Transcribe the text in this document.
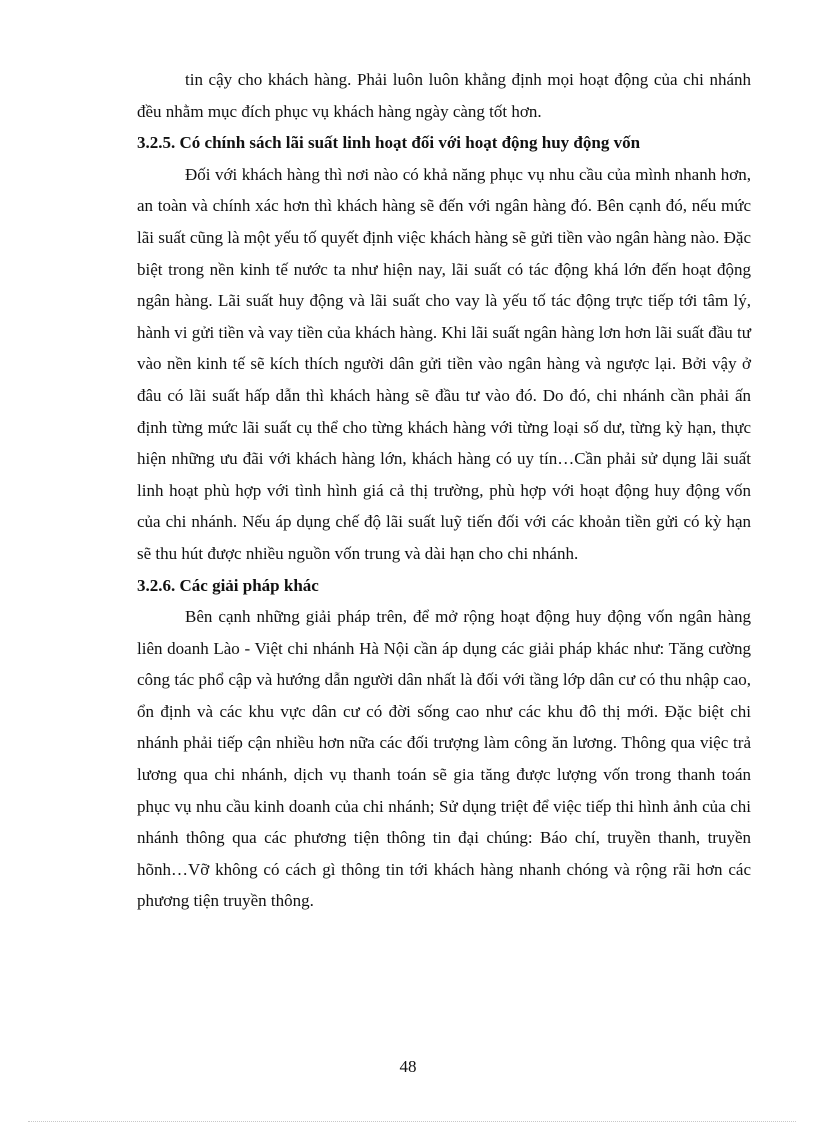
tin cậy cho khách hàng. Phải luôn luôn khẳng định mọi hoạt động của chi nhánh đều nhằm mục đích phục vụ khách hàng ngày càng tốt hơn.

3.2.5. Có chính sách lãi suất linh hoạt đối với hoạt động huy động vốn

Đối với khách hàng thì nơi nào có khả năng phục vụ nhu cầu của mình nhanh hơn, an toàn và chính xác hơn thì khách hàng sẽ đến với ngân hàng đó. Bên cạnh đó, nếu mức lãi suất cũng là một yếu tố quyết định việc khách hàng sẽ gửi tiền vào ngân hàng nào. Đặc biệt trong nền kinh tế nước ta như hiện nay, lãi suất có tác động khá lớn đến hoạt động ngân hàng. Lãi suất huy động và lãi suất cho vay là yếu tố tác động trực tiếp tới tâm lý, hành vi gửi tiền và vay tiền của khách hàng. Khi lãi suất ngân hàng lơn hơn lãi suất đầu tư vào nền kinh tế sẽ kích thích người dân gửi tiền vào ngân hàng và ngược lại. Bởi vậy ở đâu có lãi suất hấp dẫn thì khách hàng sẽ đầu tư vào đó. Do đó, chi nhánh cần phải ấn định từng mức lãi suất cụ thể cho từng khách hàng với từng loại số dư, từng kỳ hạn, thực hiện những ưu đãi với khách hàng lớn, khách hàng có uy tín…Cần phải sử dụng lãi suất linh hoạt phù hợp với tình hình giá cả thị trường, phù hợp với hoạt động huy động vốn của chi nhánh. Nếu áp dụng chế độ lãi suất luỹ tiến đối với các khoản tiền gửi có kỳ hạn sẽ thu hút được nhiều nguồn vốn trung và dài hạn cho chi nhánh.

3.2.6. Các giải pháp khác

Bên cạnh những giải pháp trên, để mở rộng hoạt động huy động vốn ngân hàng liên doanh Lào - Việt chi nhánh Hà Nội cần áp dụng các giải pháp khác như: Tăng cường công tác phổ cập và hướng dẫn người dân nhất là đối với tầng lớp dân cư có thu nhập cao, ổn định và các khu vực dân cư có đời sống cao như các khu đô thị mới. Đặc biệt chi nhánh phải tiếp cận nhiều hơn nữa các đối trượng làm công ăn lương. Thông qua việc trả lương qua chi nhánh, dịch vụ thanh toán sẽ gia tăng được lượng vốn trong thanh toán phục vụ nhu cầu kinh doanh của chi nhánh; Sử dụng triệt để việc tiếp thi hình ảnh của chi nhánh thông qua các phương tiện thông tin đại chúng: Báo chí, truyền thanh, truyền hõnh…Vỡ không có cách gì thông tin tới khách hàng nhanh chóng và rộng rãi hơn các phương tiện truyền thông.

48
